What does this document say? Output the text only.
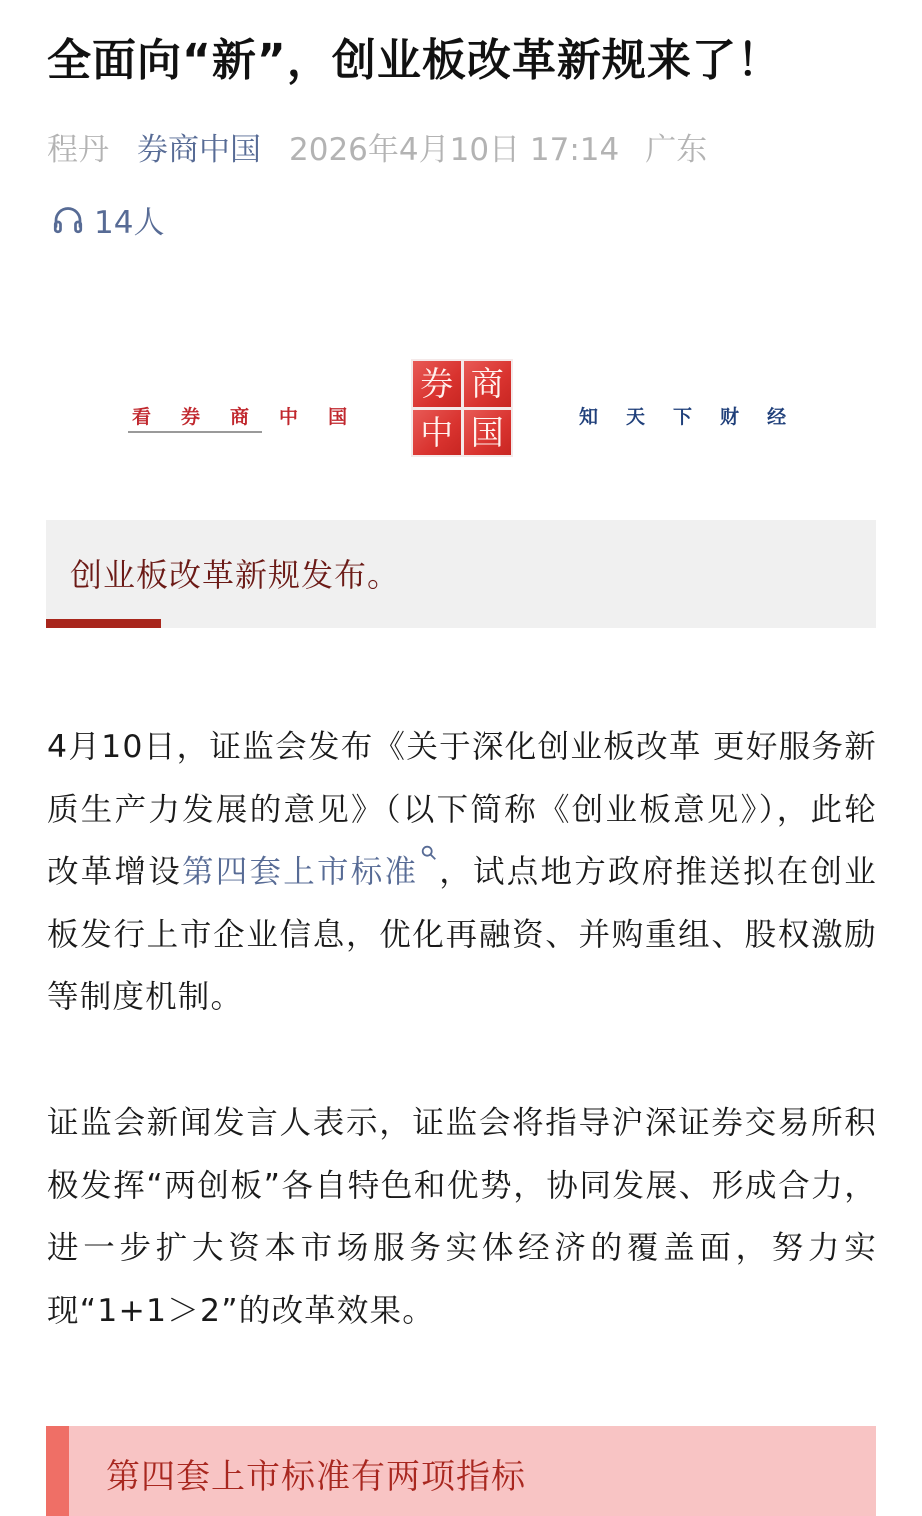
全面向“新”，创业板改革新规来了！
程丹 券商中国 2026年4月10日 17:14 广东
14人
看 券 商 中 国
券 商
中 国	知 天 下 财 经
创业板改革新规发布。

4月10日，证监会发布《关于深化创业板改革 更好服务新质生产力发展的意见》（以下简称《创业板意见》），此轮改革增设第四套上市标准 ，试点地方政府推送拟在创业板发行上市企业信息，优化再融资、并购重组、股权激励等制度机制。

证监会新闻发言人表示，证监会将指导沪深证券交易所积极发挥“两创板”各自特色和优势，协同发展、形成合力，进一步扩大资本市场服务实体经济的覆盖面，努力实现“1+1＞2”的改革效果。

第四套上市标准有两项指标
